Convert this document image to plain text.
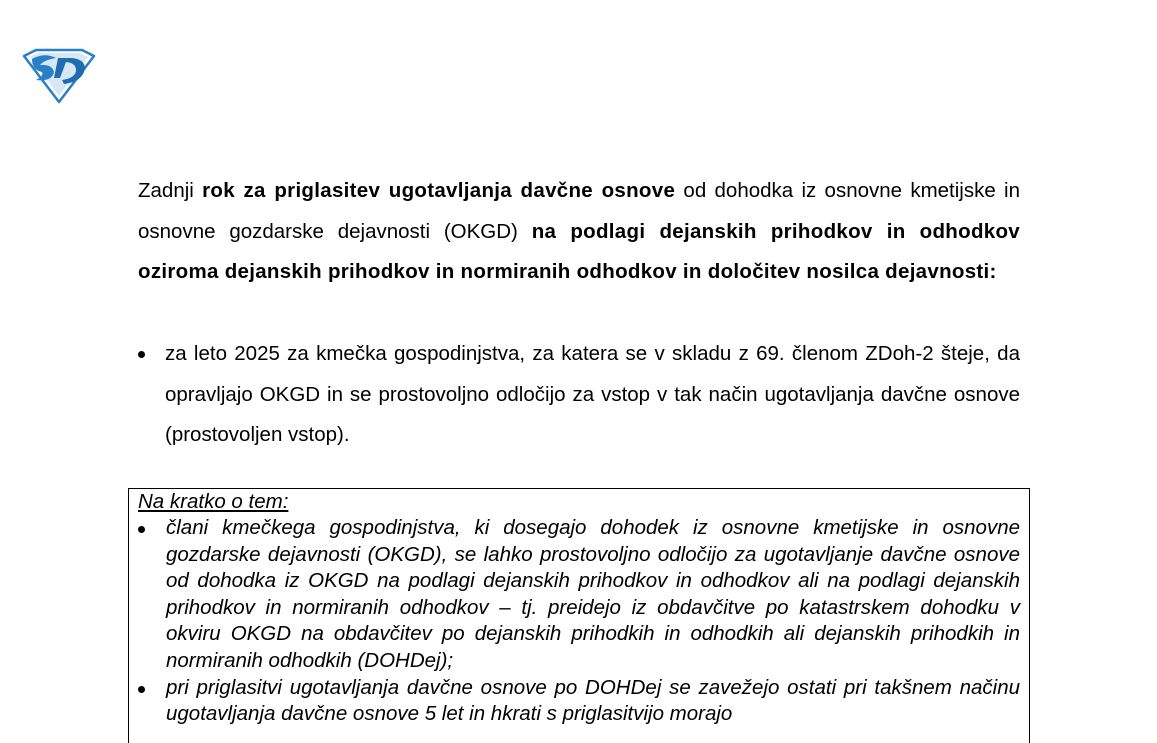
Zadnji rok za priglasitev ugotavljanja davčne osnove od dohodka iz osnovne kmetijske in osnovne gozdarske dejavnosti (OKGD) na podlagi dejanskih prihodkov in odhodkov oziroma dejanskih prihodkov in normiranih odhodkov in določitev nosilca dejavnosti:

za leto 2025 za kmečka gospodinjstva, za katera se v skladu z 69. členom ZDoh-2 šteje, da opravljajo OKGD in se prostovoljno odločijo za vstop v tak način ugotavljanja davčne osnove (prostovoljen vstop).

Na kratko o tem:

člani kmečkega gospodinjstva, ki dosegajo dohodek iz osnovne kmetijske in osnovne gozdarske dejavnosti (OKGD), se lahko prostovoljno odločijo za ugotavljanje davčne osnove od dohodka iz OKGD na podlagi dejanskih prihodkov in odhodkov ali na podlagi dejanskih prihodkov in normiranih odhodkov – tj. preidejo iz obdavčitve po katastrskem dohodku v okviru OKGD na obdavčitev po dejanskih prihodkih in odhodkih ali dejanskih prihodkih in normiranih odhodkih (DOHDej);
pri priglasitvi ugotavljanja davčne osnove po DOHDej se zavežejo ostati pri takšnem načinu ugotavljanja davčne osnove 5 let in hkrati s priglasitvijo morajo
